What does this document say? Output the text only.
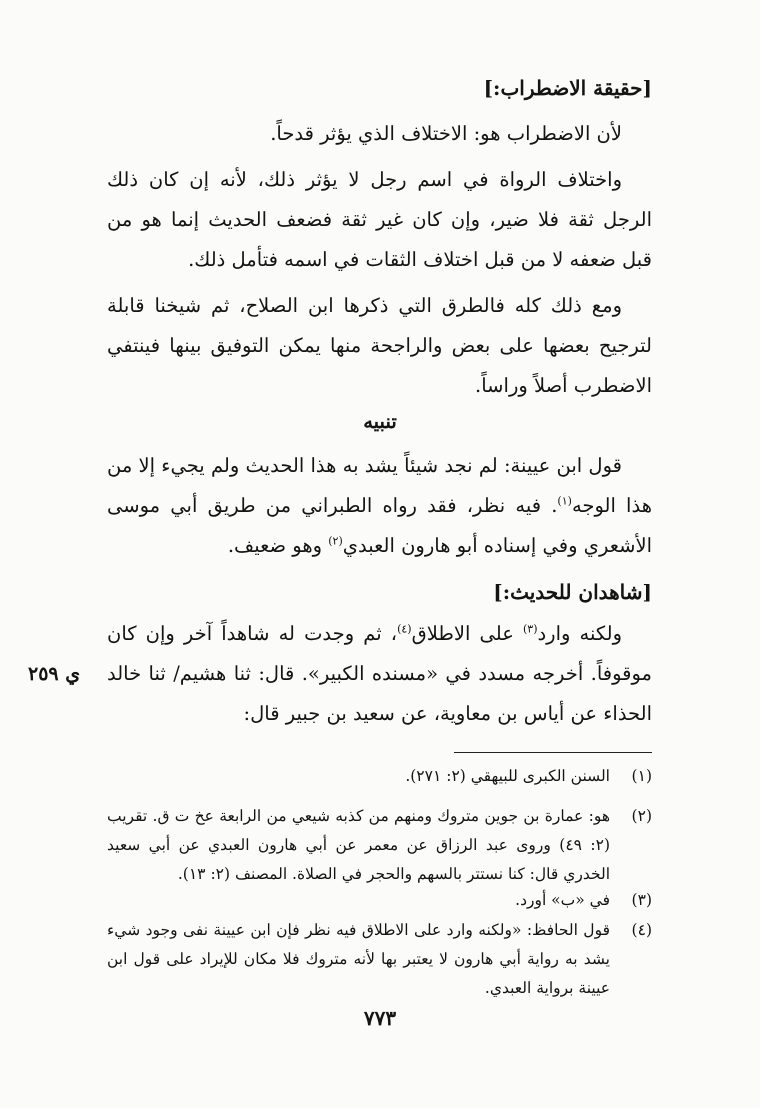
[حقيقة الاضطراب:]
لأن الاضطراب هو: الاختلاف الذي يؤثر قدحاً.
واختلاف الرواة في اسم رجل لا يؤثر ذلك، لأنه إن كان ذلك الرجل ثقة فلا ضير، وإن كان غير ثقة فضعف الحديث إنما هو من قبل ضعفه لا من قبل اختلاف الثقات في اسمه فتأمل ذلك.
ومع ذلك كله فالطرق التي ذكرها ابن الصلاح، ثم شيخنا قابلة لترجيح بعضها على بعض والراجحة منها يمكن التوفيق بينها فينتفي الاضطرب أصلاً وراساً.
تنبيه
قول ابن عيينة: لم نجد شيئاً يشد به هذا الحديث ولم يجيء إلا من هذا الوجه$^{(١)}$. فيه نظر، فقد رواه الطبراني من طريق أبي موسى الأشعري وفي إسناده أبو هارون العبدي$^{(٢)}$ وهو ضعيف.
[شاهدان للحديث:]
ولكنه وارد$^{(٣)}$ على الاطلاق$^{(٤)}$، ثم وجدت له شاهداً آخر وإن كان موقوفاً. أخرجه مسدد في «مسنده الكبير». قال: ثنا هشيم/ ثنا خالد الحذاء عن أياس بن معاوية، عن سعيد بن جبير قال:
ي ٢٥٩
(١)
السنن الكبرى للبيهقي (٢: ٢٧١).
(٢)
هو: عمارة بن جوين متروك ومنهم من كذبه شيعي من الرابعة عخ ت ق. تقريب (٢: ٤٩) وروى عبد الرزاق عن معمر عن أبي هارون العبدي عن أبي سعيد الخدري قال: كنا نستتر بالسهم والحجر في الصلاة. المصنف (٢: ١٣).
(٣)
في «ب» أورد.
(٤)
قول الحافظ: «ولكنه وارد على الاطلاق فيه نظر فإن ابن عيينة نفى وجود شيء يشد به رواية أبي هارون لا يعتبر بها لأنه متروك فلا مكان للإيراد على قول ابن عيينة برواية العبدي.
٧٧٣
